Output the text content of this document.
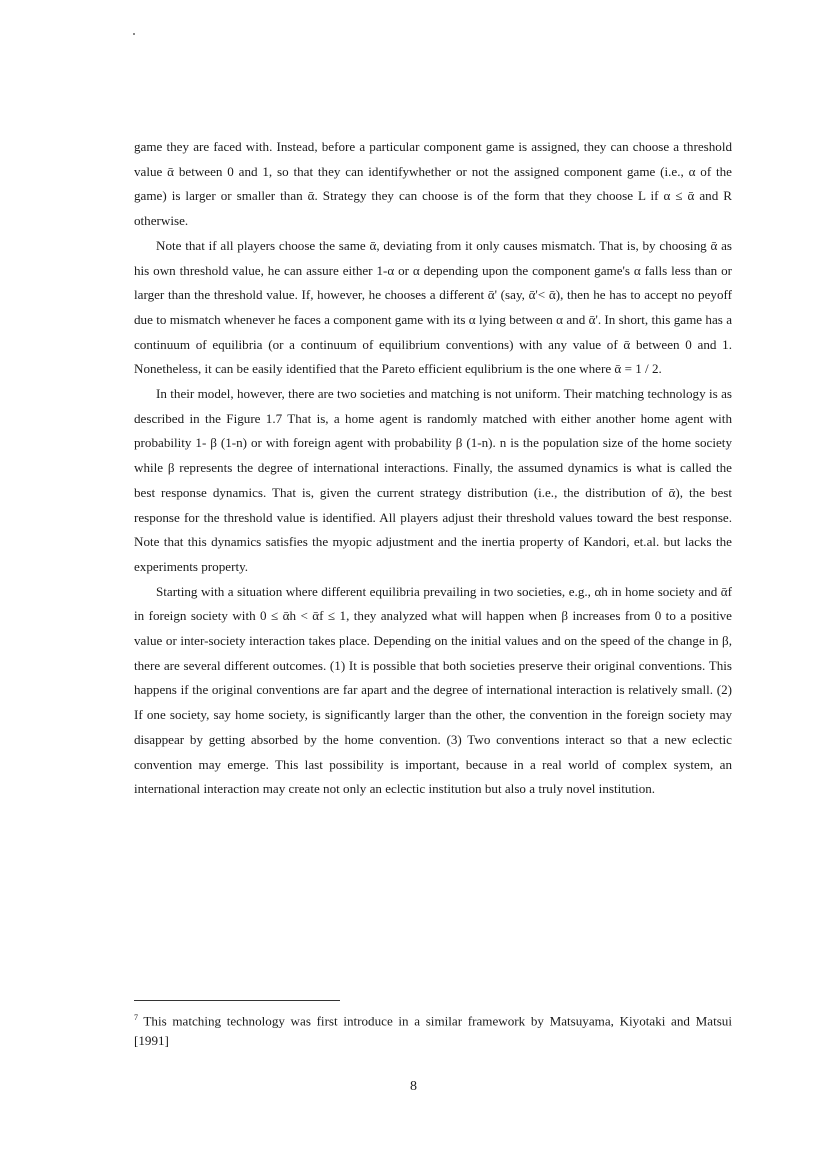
game they are faced with. Instead, before a particular component game is assigned, they can choose a threshold value ᾱ between 0 and 1, so that they can identifywhether or not the assigned component game (i.e., α of the game) is larger or smaller than ᾱ. Strategy they can choose is of the form that they choose L if α ≤ ᾱ and R otherwise.

Note that if all players choose the same ᾱ, deviating from it only causes mismatch. That is, by choosing ᾱ as his own threshold value, he can assure either 1-α or α depending upon the component game's α falls less than or larger than the threshold value. If, however, he chooses a different ᾱ' (say, ᾱ'< ᾱ), then he has to accept no peyoff due to mismatch whenever he faces a component game with its α lying between α and ᾱ'. In short, this game has a continuum of equilibria (or a continuum of equilibrium conventions) with any value of ᾱ between 0 and 1. Nonetheless, it can be easily identified that the Pareto efficient equlibrium is the one where ᾱ = 1 / 2.

In their model, however, there are two societies and matching is not uniform. Their matching technology is as described in the Figure 1.7 That is, a home agent is randomly matched with either another home agent with probability 1- β (1-n) or with foreign agent with probability β (1-n). n is the population size of the home society while β represents the degree of international interactions. Finally, the assumed dynamics is what is called the best response dynamics. That is, given the current strategy distribution (i.e., the distribution of ᾱ), the best response for the threshold value is identified. All players adjust their threshold values toward the best response. Note that this dynamics satisfies the myopic adjustment and the inertia property of Kandori, et.al. but lacks the experiments property.

Starting with a situation where different equilibria prevailing in two societies, e.g., αh in home society and ᾱf in foreign society with 0 ≤ ᾱh < ᾱf ≤ 1, they analyzed what will happen when β increases from 0 to a positive value or inter-society interaction takes place. Depending on the initial values and on the speed of the change in β, there are several different outcomes. (1) It is possible that both societies preserve their original conventions. This happens if the original conventions are far apart and the degree of international interaction is relatively small. (2) If one society, say home society, is significantly larger than the other, the convention in the foreign society may disappear by getting absorbed by the home convention. (3) Two conventions interact so that a new eclectic convention may emerge. This last possibility is important, because in a real world of complex system, an international interaction may create not only an eclectic institution but also a truly novel institution.

$^7$ This matching technology was first introduce in a similar framework by Matsuyama, Kiyotaki and Matsui [1991]
8
